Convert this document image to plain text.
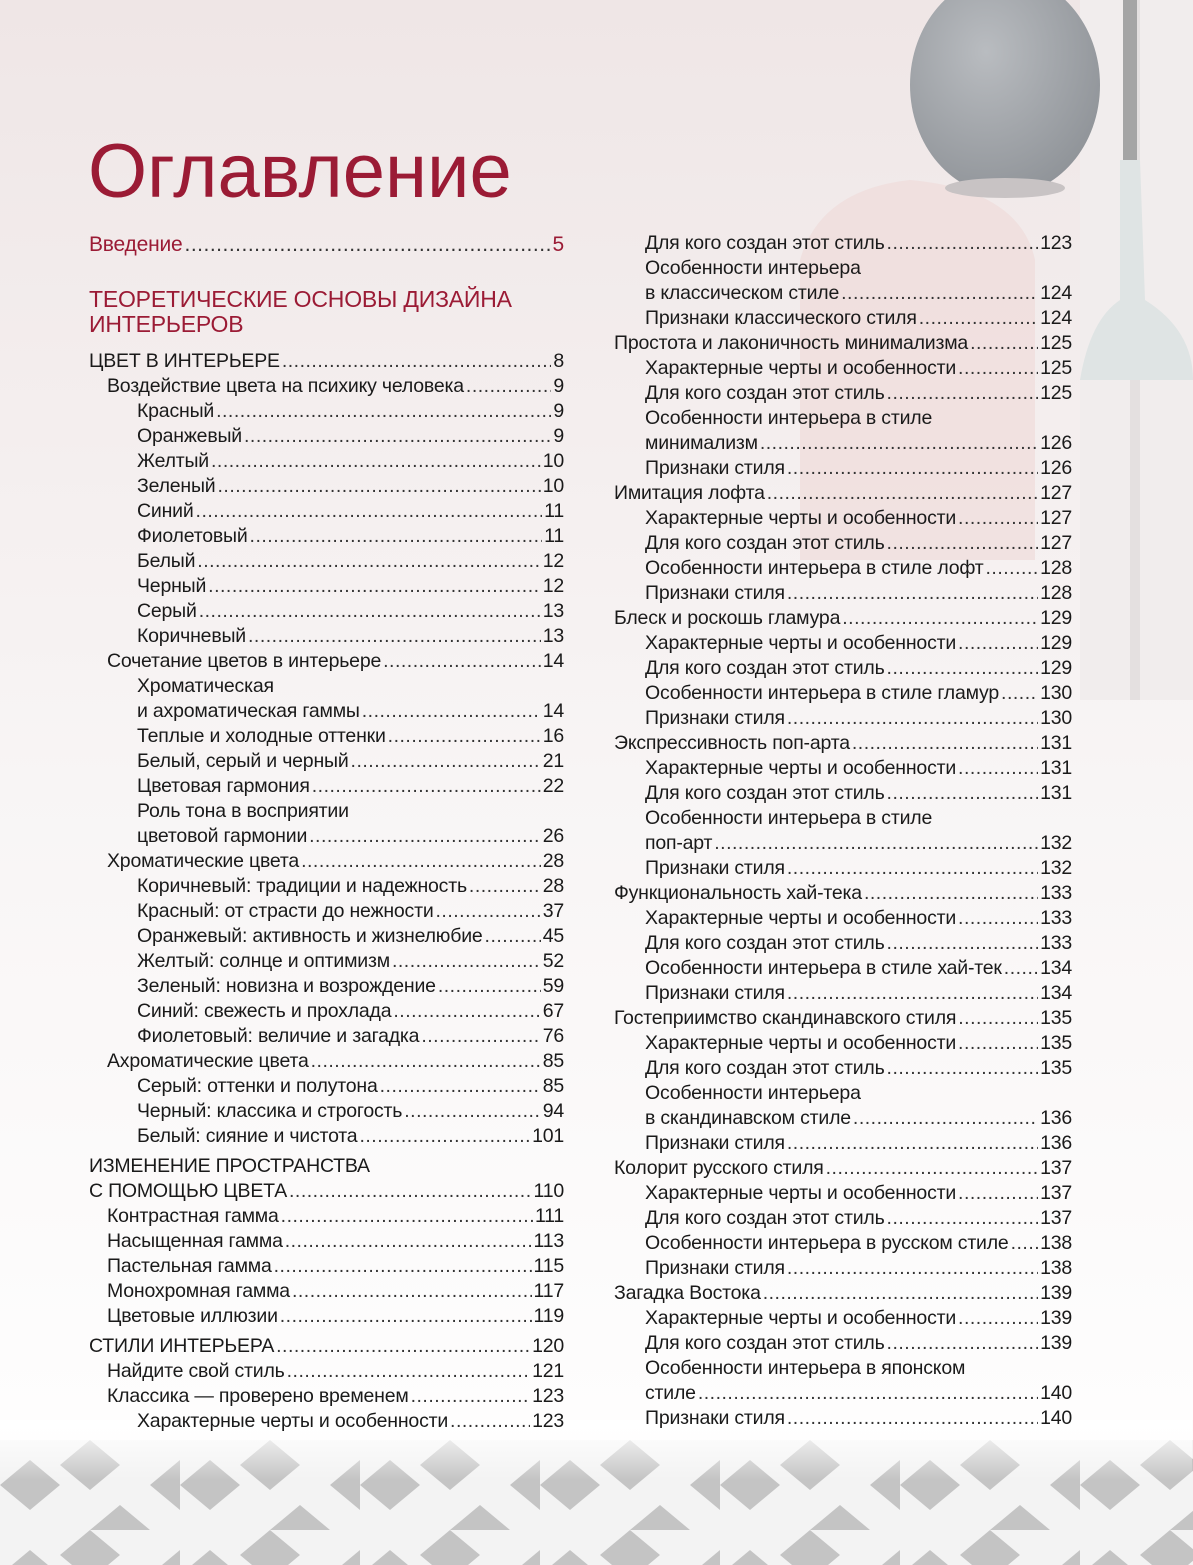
Оглавление
Введение .....	5
ТЕОРЕТИЧЕСКИЕ ОСНОВЫ ДИЗАЙНА
ИНТЕРЬЕРОВ
ЦВЕТ В ИНТЕРЬЕРЕ .....	8
Воздействие цвета на психику человека .....	9
Красный .....	9
Оранжевый .....	9
Желтый .....	10
Зеленый .....	10
Синий .....	11
Фиолетовый .....	11
Белый .....	12
Черный .....	12
Серый .....	13
Коричневый .....	13
Сочетание цветов в интерьере .....	14
Хроматическая
и ахроматическая гаммы .....	14
Теплые и холодные оттенки .....	16
Белый, серый и черный .....	21
Цветовая гармония .....	22
Роль тона в восприятии
цветовой гармонии .....	26
Хроматические цвета .....	28
Коричневый: традиции и надежность .....	28
Красный: от страсти до нежности .....	37
Оранжевый: активность и жизнелюбие .....	45
Желтый: солнце и оптимизм .....	52
Зеленый: новизна и возрождение .....	59
Синий: свежесть и прохлада .....	67
Фиолетовый: величие и загадка .....	76
Ахроматические цвета .....	85
Серый: оттенки и полутона .....	85
Черный: классика и строгость .....	94
Белый: сияние и чистота .....	101
ИЗМЕНЕНИЕ ПРОСТРАНСТВА
С ПОМОЩЬЮ ЦВЕТА .....	110
Контрастная гамма .....	111
Насыщенная гамма .....	113
Пастельная гамма .....	115
Монохромная гамма .....	117
Цветовые иллюзии .....	119
СТИЛИ ИНТЕРЬЕРА .....	120
Найдите свой стиль .....	121
Классика — проверено временем .....	123
Характерные черты и особенности .....	123
Для кого создан этот стиль .....	123
Особенности интерьера
в классическом стиле .....	124
Признаки классического стиля .....	124
Простота и лаконичность минимализма .....	125
Характерные черты и особенности .....	125
Для кого создан этот стиль .....	125
Особенности интерьера в стиле
минимализм .....	126
Признаки стиля .....	126
Имитация лофта .....	127
Характерные черты и особенности .....	127
Для кого создан этот стиль .....	127
Особенности интерьера в стиле лофт .....	128
Признаки стиля .....	128
Блеск и роскошь гламура .....	129
Характерные черты и особенности .....	129
Для кого создан этот стиль .....	129
Особенности интерьера в стиле гламур ..... 130
Признаки стиля .....	130
Экспрессивность поп-арта .....	131
Характерные черты и особенности .....	131
Для кого создан этот стиль .....	131
Особенности интерьера в стиле
поп-арт .....	132
Признаки стиля .....	132
Функциональность хай-тека .....	133
Характерные черты и особенности .....	133
Для кого создан этот стиль .....	133
Особенности интерьера в стиле хай-тек ..... 134
Признаки стиля .....	134
Гостеприимство скандинавского стиля .....	135
Характерные черты и особенности .....	135
Для кого создан этот стиль .....	135
Особенности интерьера
в скандинавском стиле .....	136
Признаки стиля .....	136
Колорит русского стиля .....	137
Характерные черты и особенности .....	137
Для кого создан этот стиль .....	137
Особенности интерьера в русском стиле ..... 138
Признаки стиля .....	138
Загадка Востока .....	139
Характерные черты и особенности .....	139
Для кого создан этот стиль .....	139
Особенности интерьера в японском
стиле .....	140
Признаки стиля .....	140
